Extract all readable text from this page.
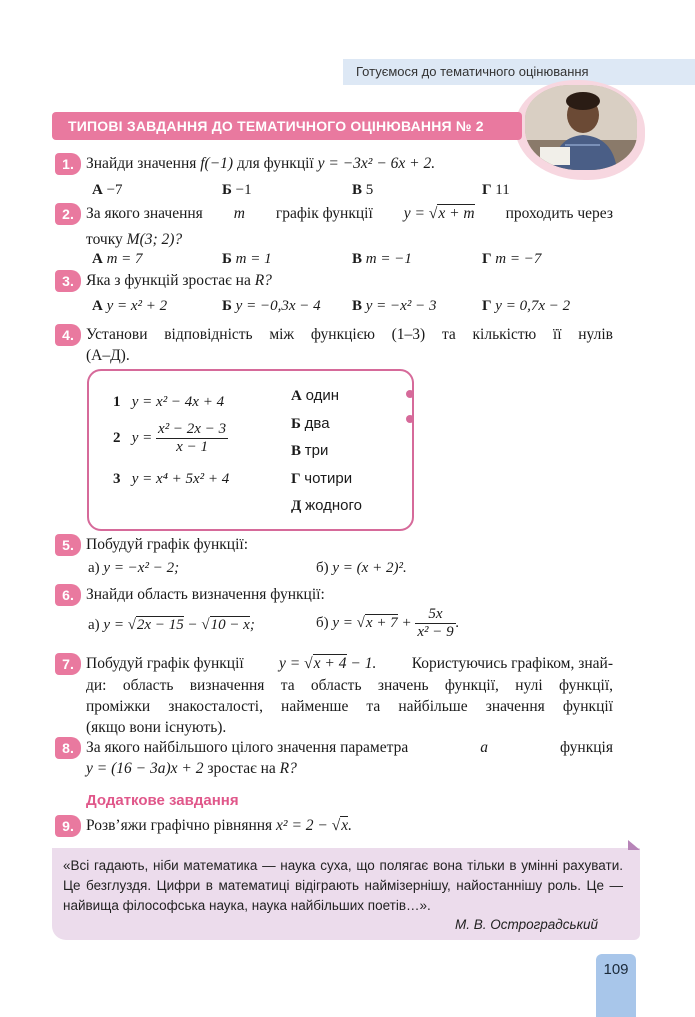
Готуємося до тематичного оцінювання
ТИПОВІ ЗАВДАННЯ ДО ТЕМАТИЧНОГО ОЦІНЮВАННЯ № 2
1. Знайди значення f(−1) для функції y = −3x² − 6x + 2.
А −7	Б −1	В 5	Г 11
2. За якого значення m графік функції y = √x + m проходить через
точку M(3; 2)?
А m = 7	Б m = 1	В m = −1	Г m = −7
3. Яка з функцій зростає на R?
А y = x² + 2	Б y = −0,3x − 4 В y = −x² − 3	Г y = 0,7x − 2
4. Установи відповідність між функцією (1–3) та кількістю її нулів
(А–Д).
1 y = x² − 4x + 4
2 $y = \frac{\text{x² − 2x − 3}}{x - 1}$
3 y = x⁴ + 5x² + 4
А один
Б два
В три
Г чотири
Д жодного
5. Побудуй графік функції:
а) y = −x² − 2;	б) y = (x + 2)².
6. Знайди область визначення функції:
а) y = √2x − 15 − √10 − x;	б) $y = √x + 7 + \frac{5x}{\text{x² − 9}}$ .
7. Побудуй графік функції y = √x + 4 − 1. Користуючись графіком, знай-
ди: область визначення та область значень функції, нулі функції,
проміжки знакосталості, найменше та найбільше значення функції
(якщо вони існують).
8. За якого найбільшого цілого значення параметра	a	функція
y = (16 − 3a)x + 2 зростає на R?
Додаткове завдання
9. Розв’яжи графічно рівняння x² = 2 − √x.
«Всі гадають, ніби математика — наука суха, що полягає вона тільки в умінні рахувати. Це безглуздя. Цифри в математиці відіграють наймізернішу, найостаннішу роль. Це — найвища філософська наука, наука найбільших поетів…».
М. В. Остроградський
109
